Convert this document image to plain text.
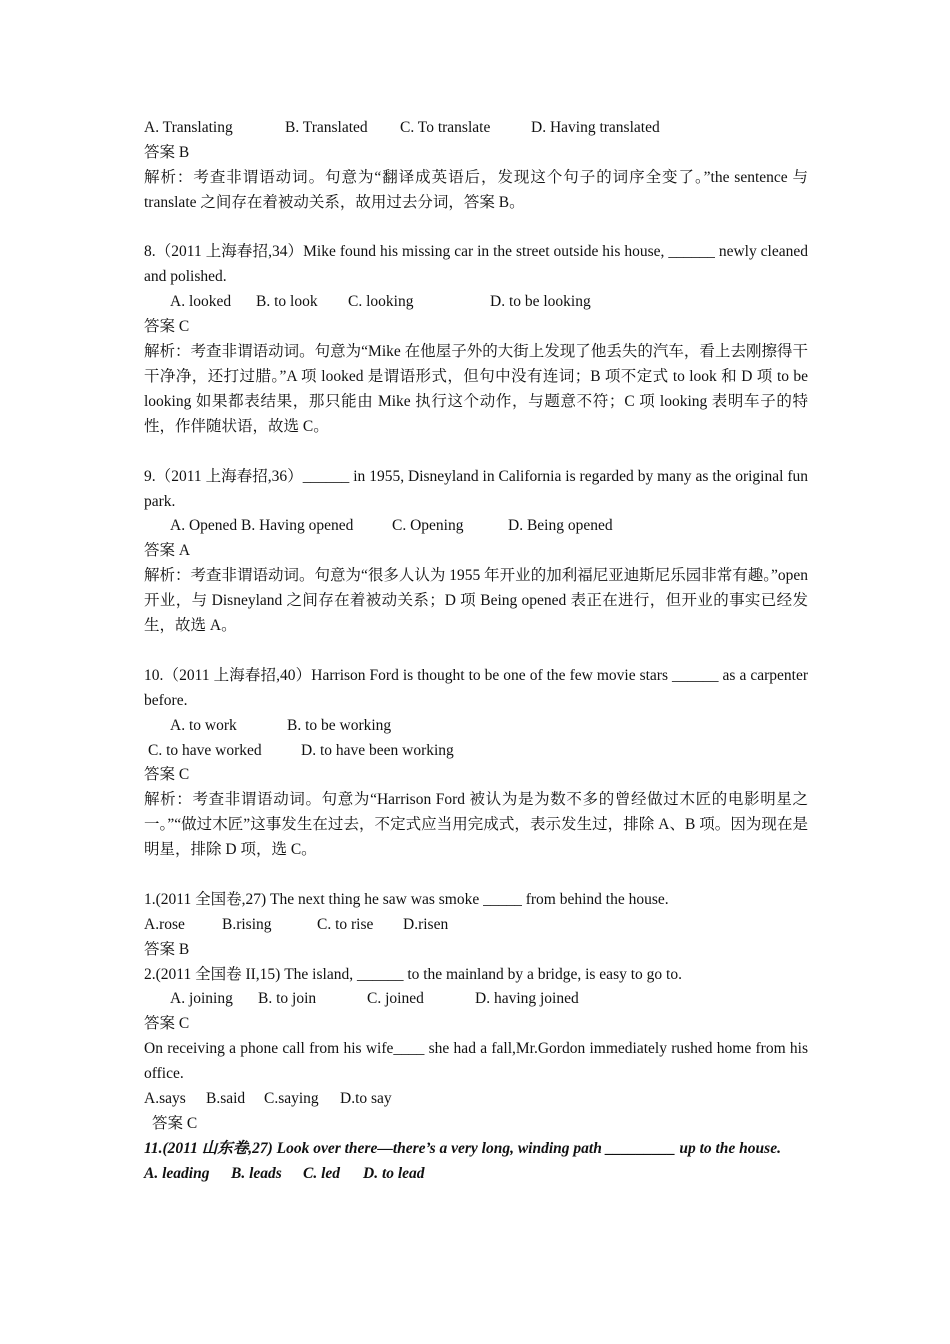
A. Translating	B. Translated C. To translate	D. Having translated
答案 B
解析：考查非谓语动词。句意为“翻译成英语后，发现这个句子的词序全变了。”the sentence 与 translate 之间存在着被动关系，故用过去分词，答案 B。
8.（2011 上海春招,34）Mike found his missing car in the street outside his house, ______ newly cleaned and polished.
A. looked B. to look C. looking	D. to be looking
答案 C
解析：考查非谓语动词。句意为“Mike 在他屋子外的大街上发现了他丢失的汽车，看上去刚擦得干干净净，还打过腊。”A 项 looked 是谓语形式，但句中没有连词；B 项不定式 to look 和 D 项 to be looking 如果都表结果，那只能由 Mike 执行这个动作，与题意不符；C 项 looking 表明车子的特性，作伴随状语，故选 C。
9.（2011 上海春招,36）______ in 1955, Disneyland in California is regarded by many as the original fun park.
A. Opened B. Having opened C. Opening	D. Being opened
答案 A
解析：考查非谓语动词。句意为“很多人认为 1955 年开业的加利福尼亚迪斯尼乐园非常有趣。”open 开业，与 Disneyland 之间存在着被动关系；D 项 Being opened 表正在进行，但开业的事实已经发生，故选 A。
10.（2011 上海春招,40）Harrison Ford is thought to be one of the few movie stars ______ as a carpenter before.
A. to work	B. to be working
C. to have worked	D. to have been working
答案 C
解析：考查非谓语动词。句意为“Harrison Ford 被认为是为数不多的曾经做过木匠的电影明星之一。”“做过木匠”这事发生在过去，不定式应当用完成式，表示发生过，排除 A、B 项。因为现在是明星，排除 D 项，选 C。
1.(2011 全国卷,27) The next thing he saw was smoke _____ from behind the house.
A.rose B.rising	C. to rise D.risen
答案 B
2.(2011 全国卷 II,15) The island, ______ to the mainland by a bridge, is easy to go to.
A. joining B. to join	C. joined	D. having joined
答案 C
On receiving a phone call from his wife____ she had a fall,Mr.Gordon immediately rushed home from his office.
A.says B.said C.saying D.to say
答案 C
11.(2011 山东卷,27) Look over there—there’s a very long, winding path _________ up to the house.
A. leading B. leads C. led D. to lead
